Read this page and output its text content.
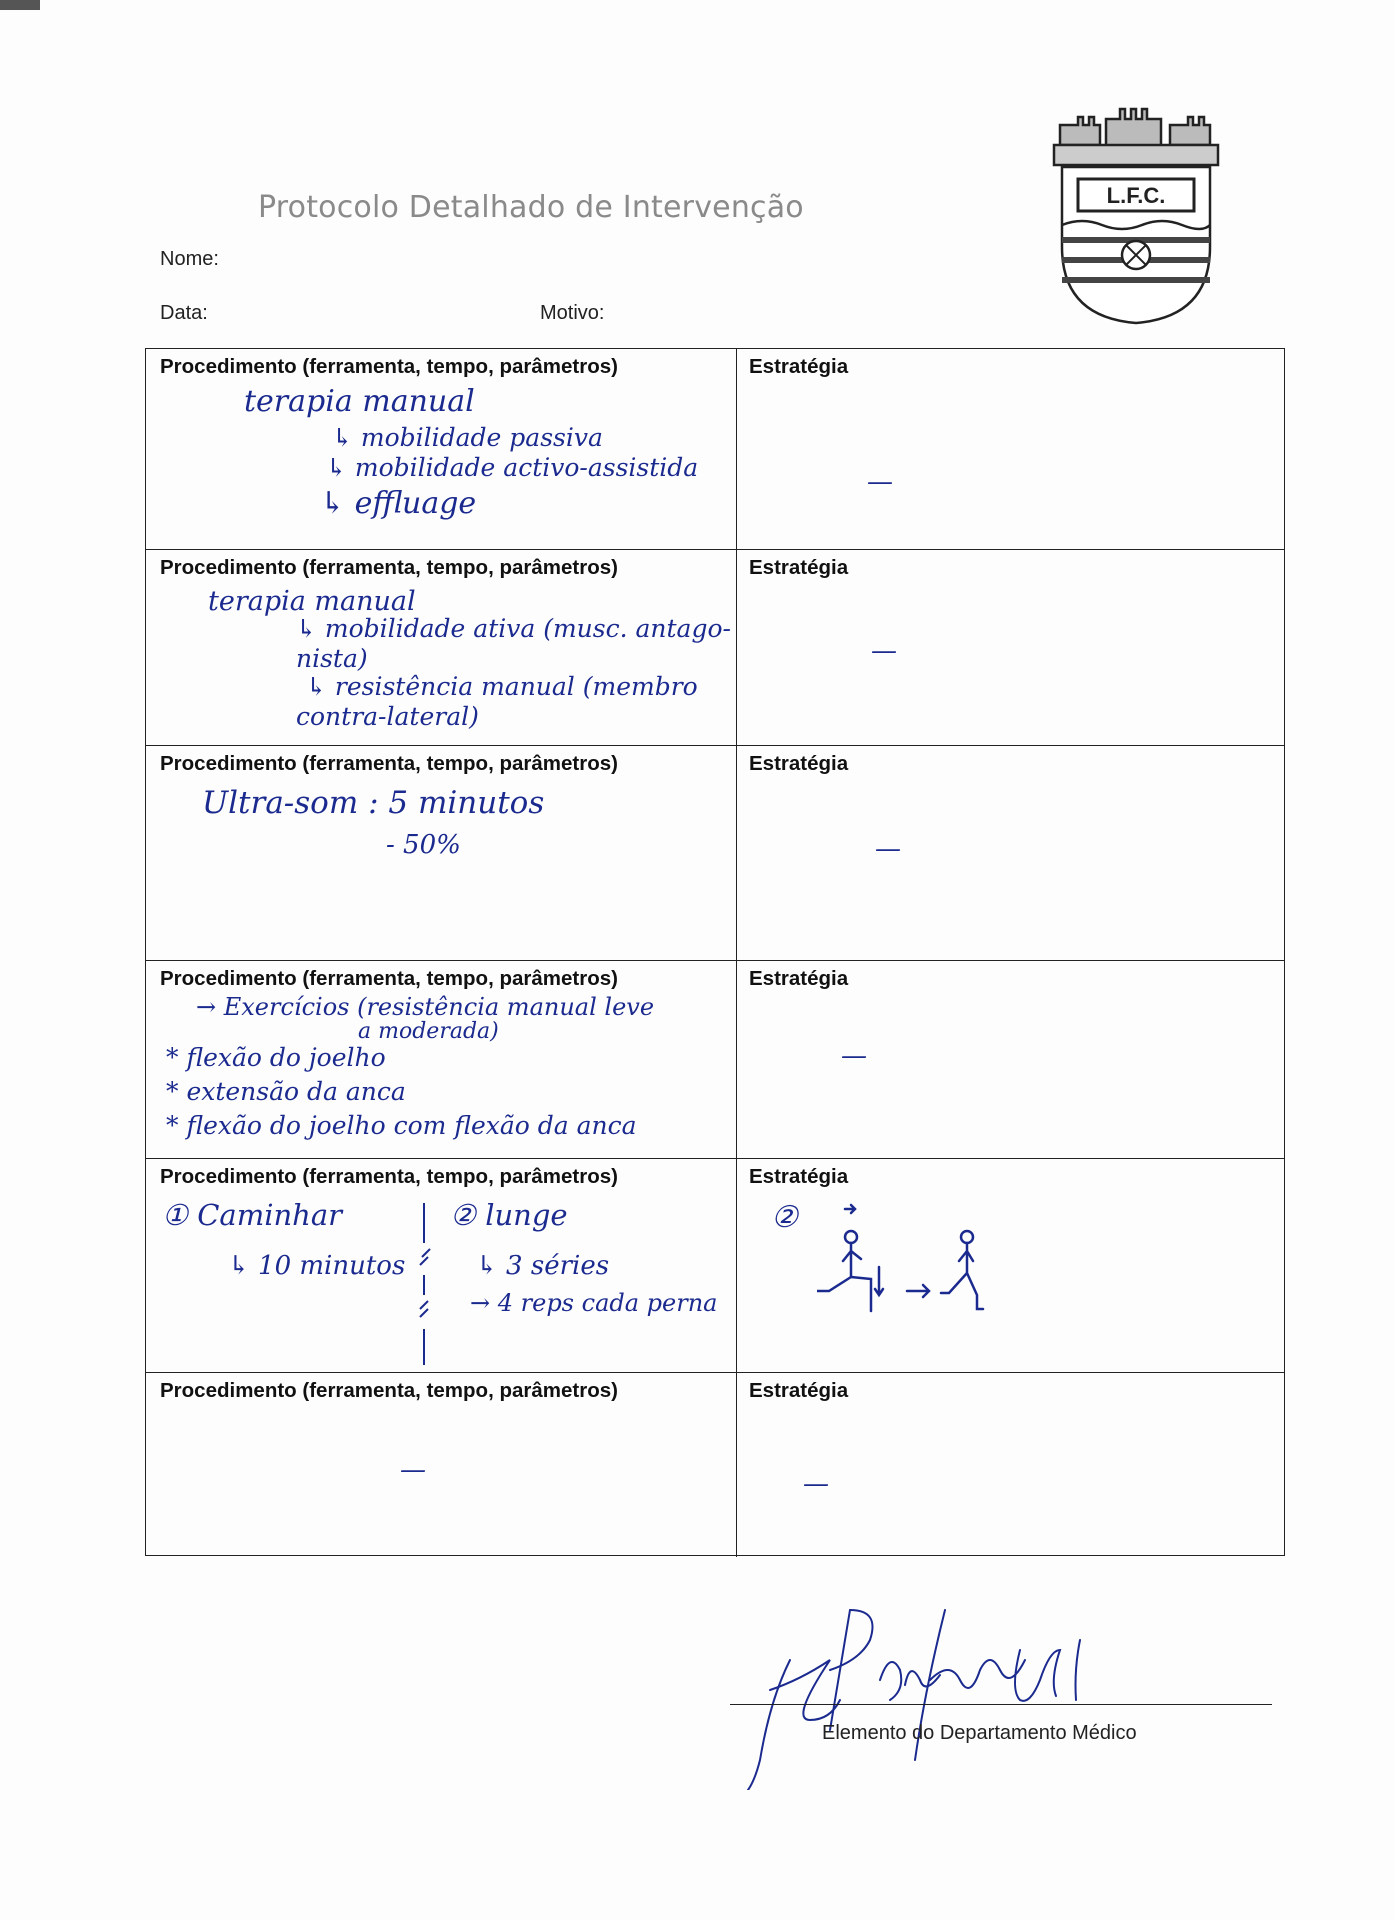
Protocolo Detalhado de Intervenção
Nome:
Data:	Motivo:
L.F.C.
Procedimento (ferramenta, tempo, parâmetros)
terapia manual
↳ mobilidade passiva
↳ mobilidade activo-assistida
↳ effluage
Estratégia
—
Procedimento (ferramenta, tempo, parâmetros)
terapia manual
↳ mobilidade ativa (musc. antago-
nista)
↳ resistência manual (membro
contra-lateral)
Estratégia
—
Procedimento (ferramenta, tempo, parâmetros)
Ultra-som : 5 minutos
- 50%
Estratégia
—
Procedimento (ferramenta, tempo, parâmetros)
→ Exercícios (resistência manual leve
a moderada)
* flexão do joelho
* extensão da anca
* flexão do joelho com flexão da anca
Estratégia
—
Procedimento (ferramenta, tempo, parâmetros)
① Caminhar
↳ 10 minutos
② lunge
↳ 3 séries
→ 4 reps cada perna
Estratégia
②
Procedimento (ferramenta, tempo, parâmetros)
—
Estratégia
—
Elemento do Departamento Médico
